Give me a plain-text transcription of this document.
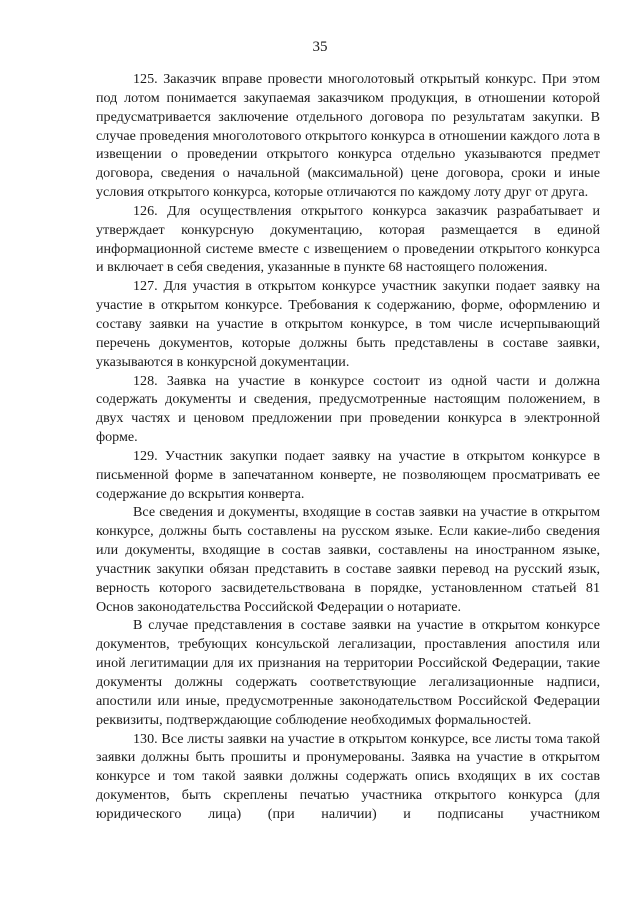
35

125. Заказчик вправе провести многолотовый открытый конкурс. При этом под лотом понимается закупаемая заказчиком продукция, в отношении которой предусматривается заключение отдельного договора по результатам закупки. В случае проведения многолотового открытого конкурса в отношении каждого лота в извещении о проведении открытого конкурса отдельно указываются предмет договора, сведения о начальной (максимальной) цене договора, сроки и иные условия открытого конкурса, которые отличаются по каждому лоту друг от друга.

126. Для осуществления открытого конкурса заказчик разрабатывает и утверждает конкурсную документацию, которая размещается в единой информационной системе вместе с извещением о проведении открытого конкурса и включает в себя сведения, указанные в пункте 68 настоящего положения.

127. Для участия в открытом конкурсе участник закупки подает заявку на участие в открытом конкурсе. Требования к содержанию, форме, оформлению и составу заявки на участие в открытом конкурсе, в том числе исчерпывающий перечень документов, которые должны быть представлены в составе заявки, указываются в конкурсной документации.

128. Заявка на участие в конкурсе состоит из одной части и должна содержать документы и сведения, предусмотренные настоящим положением, в двух частях и ценовом предложении при проведении конкурса в электронной форме.

129. Участник закупки подает заявку на участие в открытом конкурсе в письменной форме в запечатанном конверте, не позволяющем просматривать ее содержание до вскрытия конверта.

Все сведения и документы, входящие в состав заявки на участие в открытом конкурсе, должны быть составлены на русском языке. Если какие-либо сведения или документы, входящие в состав заявки, составлены на иностранном языке, участник закупки обязан представить в составе заявки перевод на русский язык, верность которого засвидетельствована в порядке, установленном статьей 81 Основ законодательства Российской Федерации о нотариате.

В случае представления в составе заявки на участие в открытом конкурсе документов, требующих консульской легализации, проставления апостиля или иной легитимации для их признания на территории Российской Федерации, такие документы должны содержать соответствующие легализационные надписи, апостили или иные, предусмотренные законодательством Российской Федерации реквизиты, подтверждающие соблюдение необходимых формальностей.

130. Все листы заявки на участие в открытом конкурсе, все листы тома такой заявки должны быть прошиты и пронумерованы. Заявка на участие в открытом конкурсе и том такой заявки должны содержать опись входящих в их состав документов, быть скреплены печатью участника открытого конкурса (для юридического лица) (при наличии) и подписаны участником
